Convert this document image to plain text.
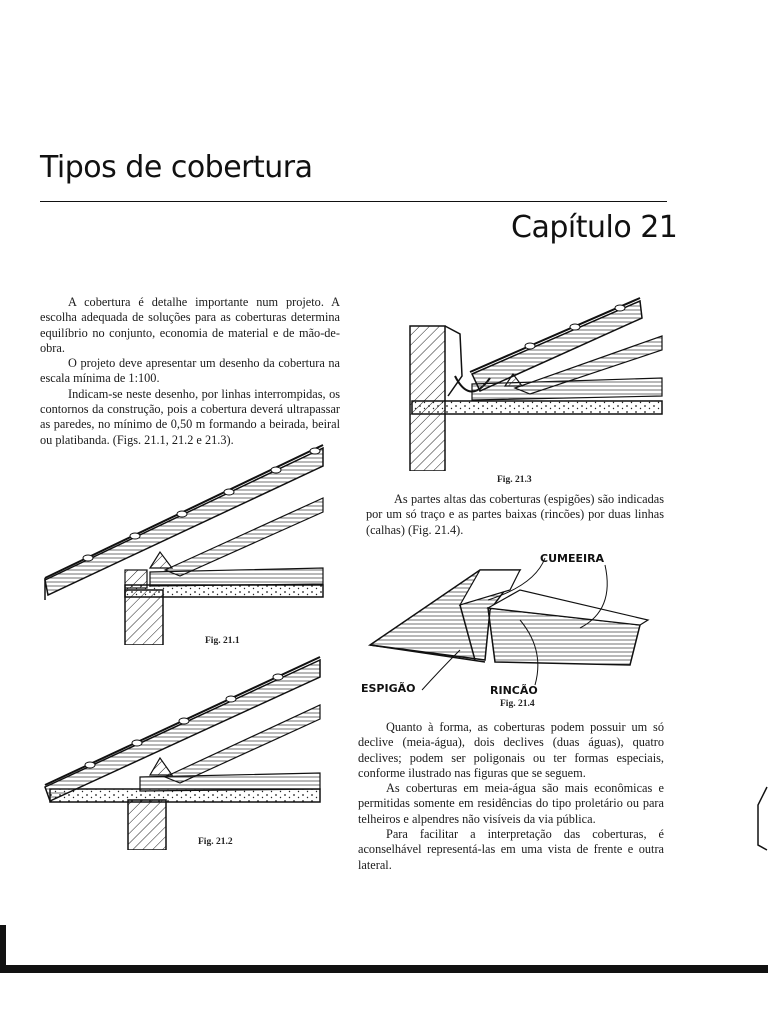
Tipos de cobertura
Capítulo 21

A cobertura é detalhe importante num projeto. A escolha adequada de soluções para as coberturas determina equilíbrio no conjunto, economia de material e de mão-de-obra.

O projeto deve apresentar um desenho da cobertura na escala mínima de 1:100.

Indicam-se neste desenho, por linhas interrompidas, os contornos da construção, pois a cobertura deverá ultrapassar as paredes, no mínimo de 0,50 m formando a beirada, beiral ou platibanda. (Figs. 21.1, 21.2 e 21.3).

Fig. 21.1
Fig. 21.2
Fig. 21.3

As partes altas das coberturas (espigões) são indicadas por um só traço e as partes baixas (rincões) por duas linhas (calhas) (Fig. 21.4).

CUMEEIRA
ESPIGÃO	RINCÃO
Fig. 21.4

Quanto à forma, as coberturas podem possuir um só declive (meia-água), dois declives (duas águas), quatro declives; podem ser poligonais ou ter formas especiais, conforme ilustrado nas figuras que se seguem.

As coberturas em meia-água são mais econômicas e permitidas somente em residências do tipo proletário ou para telheiros e alpendres não visíveis da via pública.

Para facilitar a interpretação das coberturas, é aconselhável representá-las em uma vista de frente e outra lateral.
